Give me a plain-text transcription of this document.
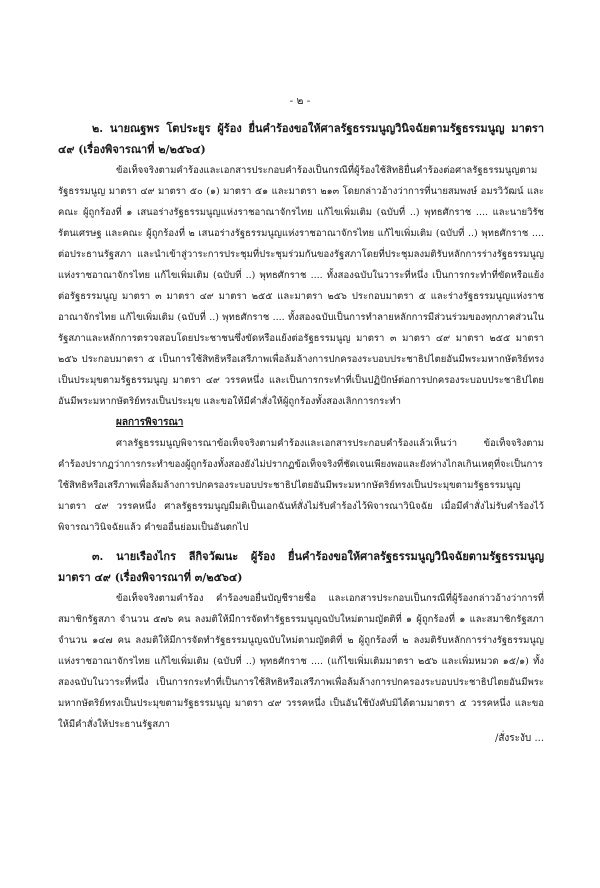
- ๒ -

๒. นายณฐพร โตประยูร ผู้ร้อง ยื่นคำร้องขอให้ศาลรัฐธรรมนูญวินิจฉัยตามรัฐธรรมนูญ มาตรา ๔๙ (เรื่องพิจารณาที่ ๒/๒๕๖๔)

ข้อเท็จจริงตามคำร้องและเอกสารประกอบคำร้องเป็นกรณีที่ผู้ร้องใช้สิทธิยื่นคำร้องต่อศาลรัฐธรรมนูญตามรัฐธรรมนูญ มาตรา ๔๙ มาตรา ๕๐ (๑) มาตรา ๕๑ และมาตรา ๒๑๓ โดยกล่าวอ้างว่าการที่นายสมพงษ์ อมรวิวัฒน์ และคณะ ผู้ถูกร้องที่ ๑ เสนอร่างรัฐธรรมนูญแห่งราชอาณาจักรไทย แก้ไขเพิ่มเติม (ฉบับที่ ..) พุทธศักราช .... และนายวิรัช รัตนเศรษฐ และคณะ ผู้ถูกร้องที่ ๒ เสนอร่างรัฐธรรมนูญแห่งราชอาณาจักรไทย แก้ไขเพิ่มเติม (ฉบับที่ ..) พุทธศักราช .... ต่อประธานรัฐสภา และนำเข้าสู่วาระการประชุมที่ประชุมร่วมกันของรัฐสภาโดยที่ประชุมลงมติรับหลักการร่างรัฐธรรมนูญแห่งราชอาณาจักรไทย แก้ไขเพิ่มเติม (ฉบับที่ ..) พุทธศักราช .... ทั้งสองฉบับในวาระที่หนึ่ง เป็นการกระทำที่ขัดหรือแย้งต่อรัฐธรรมนูญ มาตรา ๓ มาตรา ๔๙ มาตรา ๒๕๕ และมาตรา ๒๕๖ ประกอบมาตรา ๕ และร่างรัฐธรรมนูญแห่งราชอาณาจักรไทย แก้ไขเพิ่มเติม (ฉบับที่ ..) พุทธศักราช .... ทั้งสองฉบับเป็นการทำลายหลักการมีส่วนร่วมของทุกภาคส่วนในรัฐสภาและหลักการตรวจสอบโดยประชาชนซึ่งขัดหรือแย้งต่อรัฐธรรมนูญ มาตรา ๓ มาตรา ๔๙ มาตรา ๒๕๕ มาตรา ๒๕๖ ประกอบมาตรา ๕ เป็นการใช้สิทธิหรือเสรีภาพเพื่อล้มล้างการปกครองระบอบประชาธิปไตยอันมีพระมหากษัตริย์ทรงเป็นประมุขตามรัฐธรรมนูญ มาตรา ๔๙ วรรคหนึ่ง และเป็นการกระทำที่เป็นปฏิปักษ์ต่อการปกครองระบอบประชาธิปไตยอันมีพระมหากษัตริย์ทรงเป็นประมุข และขอให้มีคำสั่งให้ผู้ถูกร้องทั้งสองเลิกการกระทำ

ผลการพิจารณา

ศาลรัฐธรรมนูญพิจารณาข้อเท็จจริงตามคำร้องและเอกสารประกอบคำร้องแล้วเห็นว่า ข้อเท็จจริงตามคำร้องปรากฏว่าการกระทำของผู้ถูกร้องทั้งสองยังไม่ปรากฏข้อเท็จจริงที่ชัดเจนเพียงพอและยังห่างไกลเกินเหตุที่จะเป็นการใช้สิทธิหรือเสรีภาพเพื่อล้มล้างการปกครองระบอบประชาธิปไตยอันมีพระมหากษัตริย์ทรงเป็นประมุขตามรัฐธรรมนูญ มาตรา ๔๙ วรรคหนึ่ง ศาลรัฐธรรมนูญมีมติเป็นเอกฉันท์สั่งไม่รับคำร้องไว้พิจารณาวินิจฉัย เมื่อมีคำสั่งไม่รับคำร้องไว้พิจารณาวินิจฉัยแล้ว คำขออื่นย่อมเป็นอันตกไป

๓. นายเรืองไกร ลีกิจวัฒนะ ผู้ร้อง ยื่นคำร้องขอให้ศาลรัฐธรรมนูญวินิจฉัยตามรัฐธรรมนูญ มาตรา ๔๙ (เรื่องพิจารณาที่ ๓/๒๕๖๔)

ข้อเท็จจริงตามคำร้อง คำร้องขอยื่นบัญชีรายชื่อ และเอกสารประกอบเป็นกรณีที่ผู้ร้องกล่าวอ้างว่าการที่สมาชิกรัฐสภา จำนวน ๕๗๖ คน ลงมติให้มีการจัดทำรัฐธรรมนูญฉบับใหม่ตามญัตติที่ ๑ ผู้ถูกร้องที่ ๑ และสมาชิกรัฐสภา จำนวน ๑๔๗ คน ลงมติให้มีการจัดทำรัฐธรรมนูญฉบับใหม่ตามญัตติที่ ๒ ผู้ถูกร้องที่ ๒ ลงมติรับหลักการร่างรัฐธรรมนูญแห่งราชอาณาจักรไทย แก้ไขเพิ่มเติม (ฉบับที่ ..) พุทธศักราช .... (แก้ไขเพิ่มเติมมาตรา ๒๕๖ และเพิ่มหมวด ๑๕/๑) ทั้งสองฉบับในวาระที่หนึ่ง เป็นการกระทำที่เป็นการใช้สิทธิหรือเสรีภาพเพื่อล้มล้างการปกครองระบอบประชาธิปไตยอันมีพระมหากษัตริย์ทรงเป็นประมุขตามรัฐธรรมนูญ มาตรา ๔๙ วรรคหนึ่ง เป็นอันใช้บังคับมิได้ตามมาตรา ๕ วรรคหนึ่ง และขอให้มีคำสั่งให้ประธานรัฐสภา

/สั่งระงับ ...
